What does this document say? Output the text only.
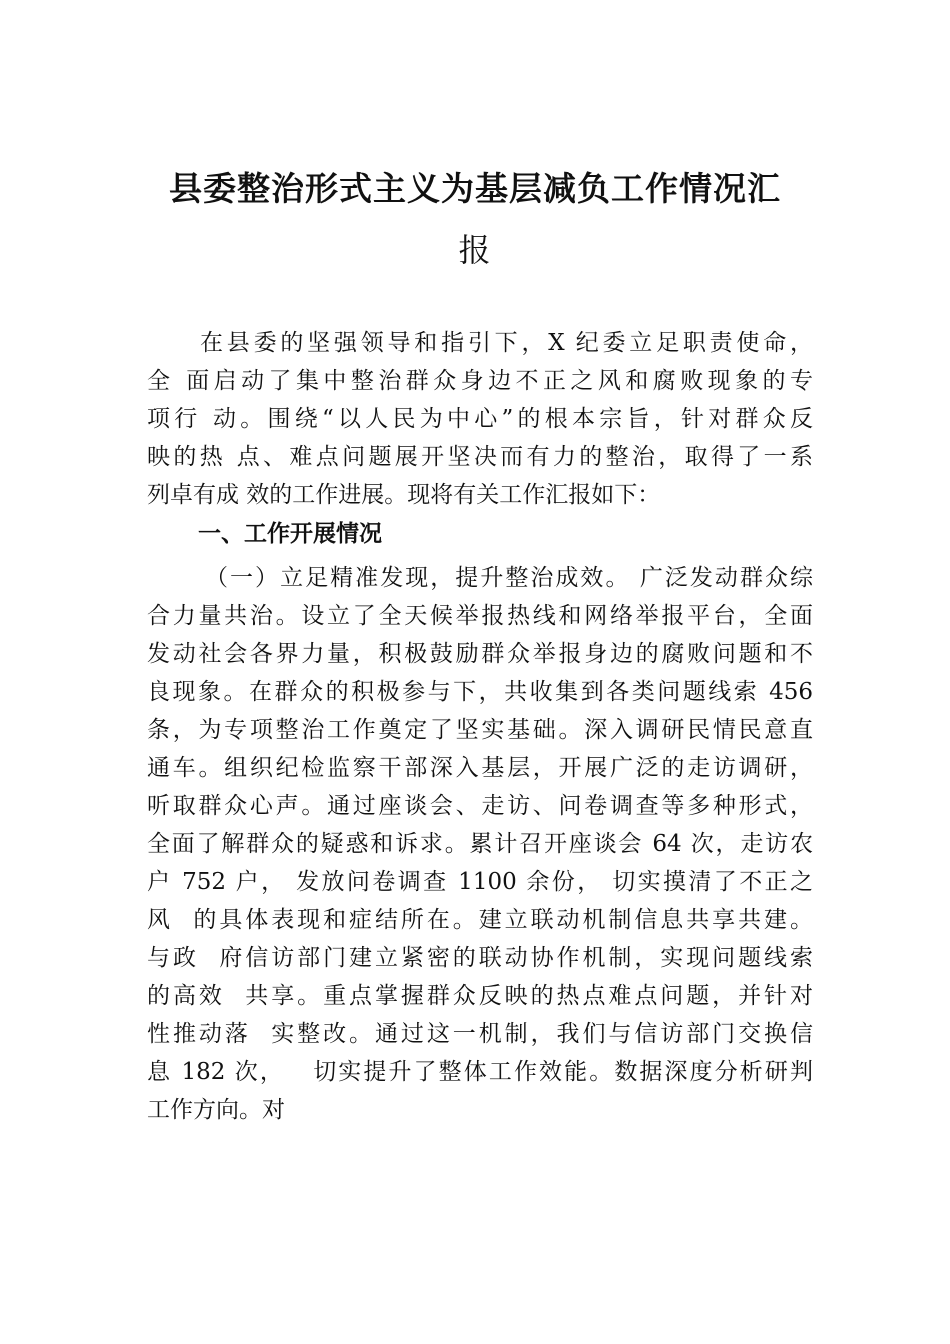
县委整治形式主义为基层减负工作情况汇
报
在县委的坚强领导和指引下，X 纪委立足职责使命，
全 面启动了集中整治群众身边不正之风和腐败现象的专
项行 动。围绕“以人民为中心”的根本宗旨，针对群众反
映的热 点、难点问题展开坚决而有力的整治，取得了一系
列卓有成 效的工作进展。现将有关工作汇报如下：
一、工作开展情况
（一）立足精准发现，提升整治成效。 广泛发动群众综
合力量共治。设立了全天候举报热线和网络举报平台，全面
发动社会各界力量，积极鼓励群众举报身边的腐败问题和不
良现象。在群众的积极参与下，共收集到各类问题线索 456
条，为专项整治工作奠定了坚实基础。深入调研民情民意直
通车。组织纪检监察干部深入基层，开展广泛的走访调研，
听取群众心声。通过座谈会、走访、问卷调查等多种形式，
全面了解群众的疑惑和诉求。累计召开座谈会 64 次，走访农
户 752 户， 发放问卷调查 1100 余份， 切实摸清了不正之
风  的具体表现和症结所在。建立联动机制信息共享共建。
与政  府信访部门建立紧密的联动协作机制，实现问题线索
的高效  共享。重点掌握群众反映的热点难点问题，并针对
性推动落  实整改。通过这一机制，我们与信访部门交换信
息 182 次，   切实提升了整体工作效能。数据深度分析研判
工作方向。对
